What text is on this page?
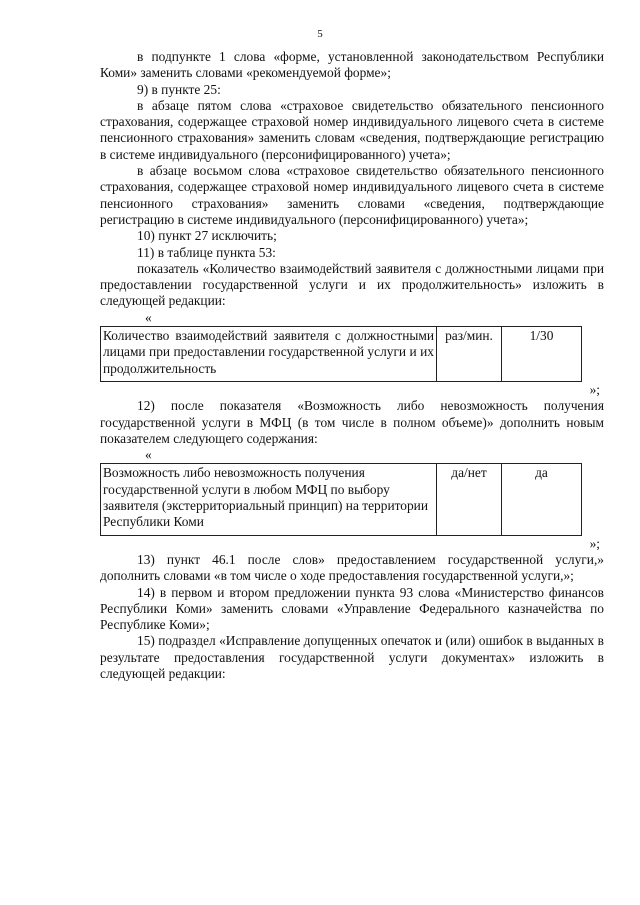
5

в подпункте 1 слова «форме, установленной законодательством Республики Коми» заменить словами «рекомендуемой форме»;

9) в пункте 25:

в абзаце пятом слова «страховое свидетельство обязательного пенсионного страхования, содержащее страховой номер индивидуального лицевого счета в системе пенсионного страхования» заменить словам «сведения, подтверждающие регистрацию в системе индивидуального (персонифицированного) учета»;

в абзаце восьмом слова «страховое свидетельство обязательного пенсионного страхования, содержащее страховой номер индивидуального лицевого счета в системе пенсионного страхования» заменить словами «сведения, подтверждающие регистрацию в системе индивидуального (персонифицированного) учета»;

10) пункт 27 исключить;

11) в таблице пункта 53:

показатель «Количество взаимодействий заявителя с должностными лицами при предоставлении государственной услуги и их продолжительность» изложить в следующей редакции:

«

Количество взаимодействий заявителя с должностными лицами при предоставлении государственной услуги и их продолжительность	раз/мин.	1/30

»;

12) после показателя «Возможность либо невозможность получения государственной услуги в МФЦ (в том числе в полном объеме)» дополнить новым показателем следующего содержания:

«

Возможность либо невозможность получения государственной услуги в любом МФЦ по выбору заявителя (экстерриториальный принцип) на территории Республики Коми	да/нет	да

»;

13) пункт 46.1 после слов» предоставлением государственной услуги,» дополнить словами «в том числе о ходе предоставления государственной услуги,»;

14) в первом и втором предложении пункта 93 слова «Министерство финансов Республики Коми» заменить словами «Управление Федерального казначейства по Республике Коми»;

15) подраздел «Исправление допущенных опечаток и (или) ошибок в выданных в результате предоставления государственной услуги документах» изложить в следующей редакции:
